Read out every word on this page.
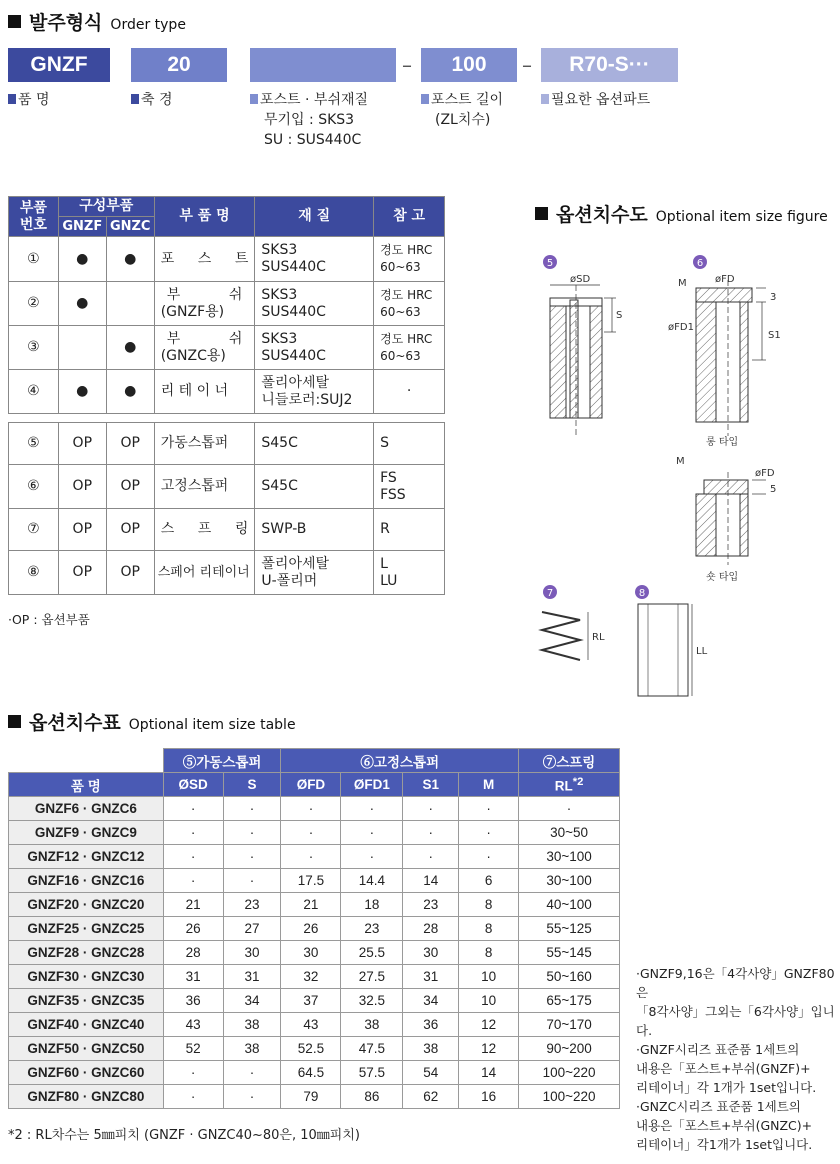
발주형식 Order type
GNZF	20	–	100	–	R70-S···
품 명	축 경	포스트 · 부쉬재질
무기입 : SKS3
SU : SUS440C
포스트 길이
(ZL치수)
필요한 옵션파트
부품
번호	구성부품		부 품 명	재 질	참 고
	GNZF	GNZC			
①	●	●	포 스 트	SKS3
SUS440C	경도 HRC
60~63
②	●		부 쉬
(GNZF용)	SKS3
SUS440C	경도 HRC
60~63
③		●	부 쉬
(GNZC용)	SKS3
SUS440C	경도 HRC
60~63
④	●	●	리 테 이 너	폴리아세탈
니들로러:SUJ2	·

⑤	OP	OP	가동스톱퍼	S45C	S
⑥	OP	OP	고정스톱퍼	S45C	FS
FSS
⑦	OP	OP	스 프 링	SWP-B	R
⑧	OP	OP	스페어 리테이너	폴리아세탈
U-폴리머	L
LU
·OP : 옵션부품
옵션치수도 Optional item size figure
5
øSD
S
6
øFD
M
øFD1
3
S1
롱 타입
M
øFD
5
숏 타입
7
RL
8
LL
옵션치수표 Optional item size table
	⑤가동스톱퍼		⑥고정스톱퍼				⑦스프링
품 명	ØSD	S	ØFD	ØFD1	S1	M	RL$^{*2}$
GNZF6 · GNZC6	·	·	·	·	·	·	·
GNZF9 · GNZC9	·	·	·	·	·	·	30~50
GNZF12 · GNZC12	·	·	·	·	·	·	30~100
GNZF16 · GNZC16	·	·	17.5	14.4	14	6	30~100
GNZF20 · GNZC20	21	23	21	18	23	8	40~100
GNZF25 · GNZC25	26	27	26	23	28	8	55~125
GNZF28 · GNZC28	28	30	30	25.5	30	8	55~145
GNZF30 · GNZC30	31	31	32	27.5	31	10	50~160
GNZF35 · GNZC35	36	34	37	32.5	34	10	65~175
GNZF40 · GNZC40	43	38	43	38	36	12	70~170
GNZF50 · GNZC50	52	38	52.5	47.5	38	12	90~200
GNZF60 · GNZC60	·	·	64.5	57.5	54	14	100~220
GNZF80 · GNZC80	·	·	79	86	62	16	100~220
*2 : RL차수는 5㎜피치 (GNZF · GNZC40~80은, 10㎜피치)
·GNZF9,16은「4각사양」GNZF80은
「8각사양」그외는「6각사양」입니다.
·GNZF시리즈 표준품 1세트의
내용은「포스트+부쉬(GNZF)+
리테이너」각 1개가 1set입니다.
·GNZC시리즈 표준품 1세트의
내용은「포스트+부쉬(GNZC)+
리테이너」각1개가 1set입니다.
